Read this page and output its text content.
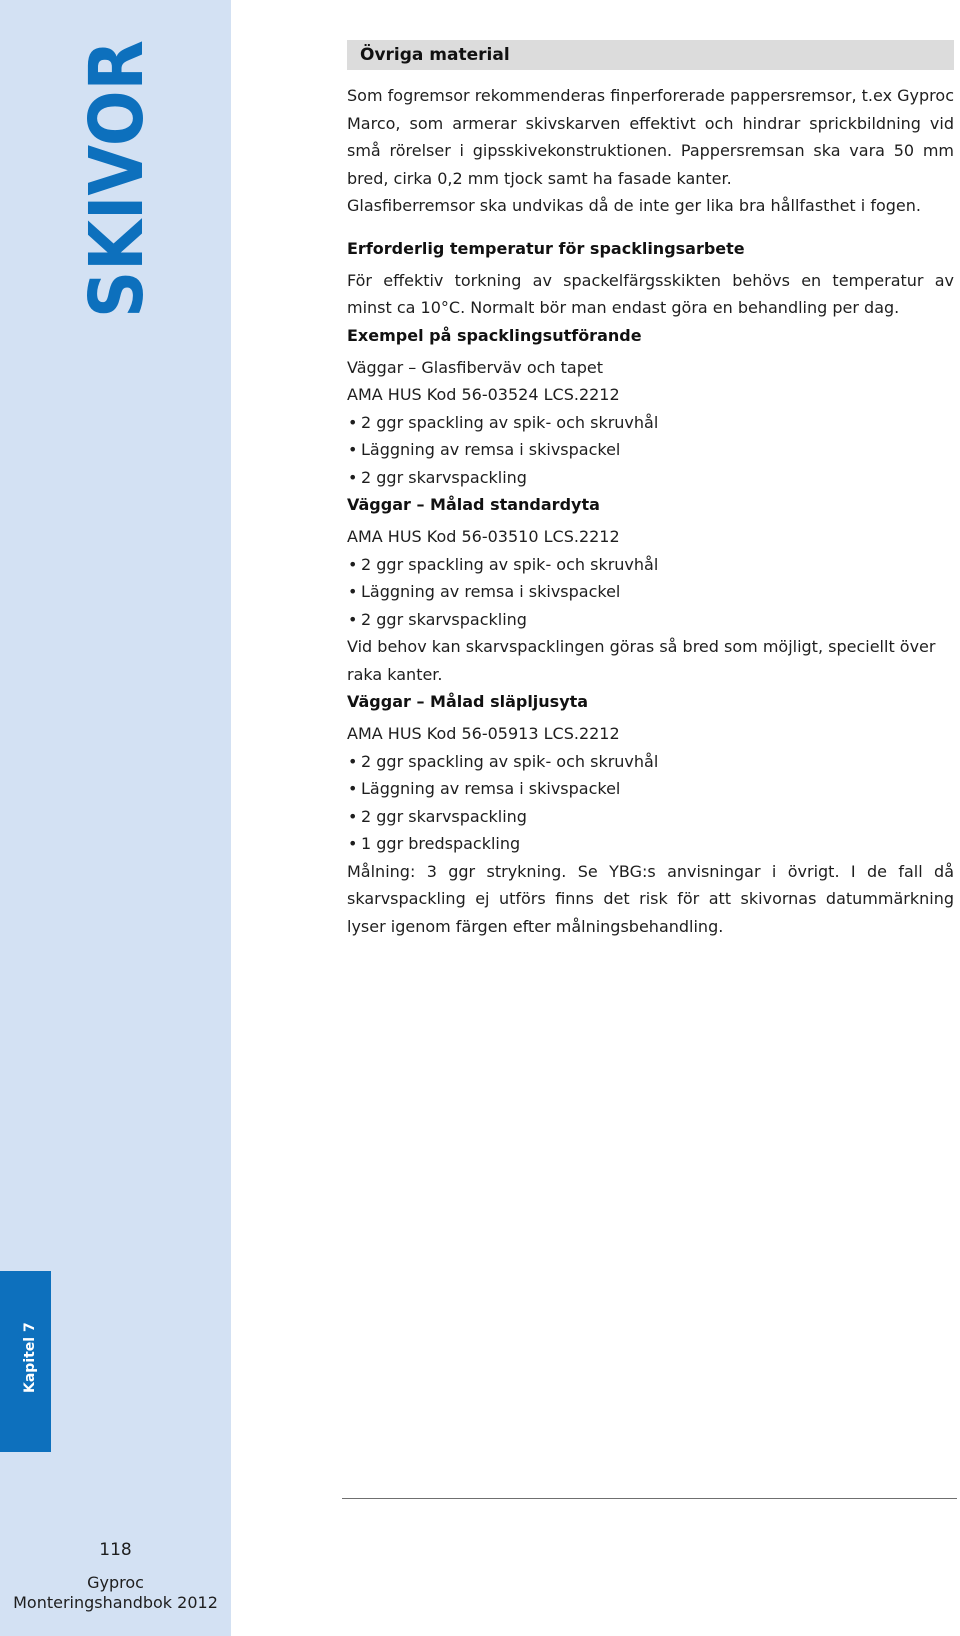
SKIVOR
Kapitel 7
118
Gyproc
Monteringshandbok 2012
Övriga material

Som fogremsor rekommenderas finperforerade pappersremsor, t.ex Gyproc Marco, som armerar skivskarven effektivt och hindrar sprickbildning vid små rörelser i gipsskivekonstruktionen. Pappersremsan ska vara 50 mm bred, cirka 0,2 mm tjock samt ha fasade kanter.

Glasfiberremsor ska undvikas då de inte ger lika bra hållfasthet i fogen.

Erforderlig temperatur för spacklingsarbete

För effektiv torkning av spackelfärgsskikten behövs en temperatur av minst ca 10°C. Normalt bör man endast göra en behandling per dag.

Exempel på spacklingsutförande

Väggar – Glasfiberväv och tapet

AMA HUS Kod 56-03524 LCS.2212

• 2 ggr spackling av spik- och skruvhål
• Läggning av remsa i skivspackel
• 2 ggr skarvspackling
Väggar – Målad standardyta

AMA HUS Kod 56-03510 LCS.2212

• 2 ggr spackling av spik- och skruvhål
• Läggning av remsa i skivspackel
• 2 ggr skarvspackling

Vid behov kan skarvspacklingen göras så bred som möjligt, speciellt över raka kanter.

Väggar – Målad släpljusyta

AMA HUS Kod 56-05913 LCS.2212

• 2 ggr spackling av spik- och skruvhål
• Läggning av remsa i skivspackel
• 2 ggr skarvspackling
• 1 ggr bredspackling

Målning: 3 ggr strykning. Se YBG:s anvisningar i övrigt. I de fall då skarvspackling ej utförs finns det risk för att skivornas datummärkning lyser igenom färgen efter målningsbehandling.
